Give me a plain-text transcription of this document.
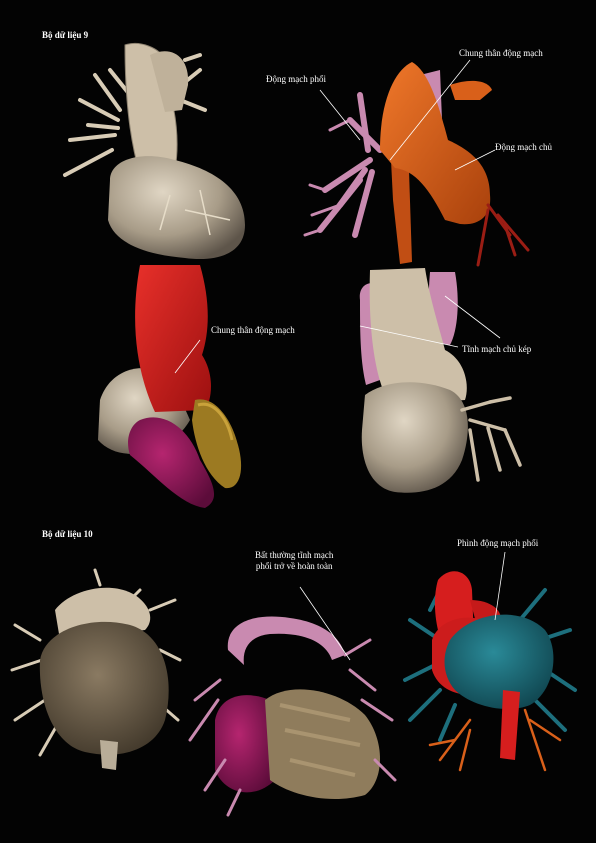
Bộ dữ liệu 9
Bộ dữ liệu 10
Động mạch phổi
Chung thân động mạch
Động mạch chủ
Chung thân động mạch
Tĩnh mạch chủ kép
Bất thường tĩnh mạch
phổi trở về hoàn toàn
Phình động mạch phổi
